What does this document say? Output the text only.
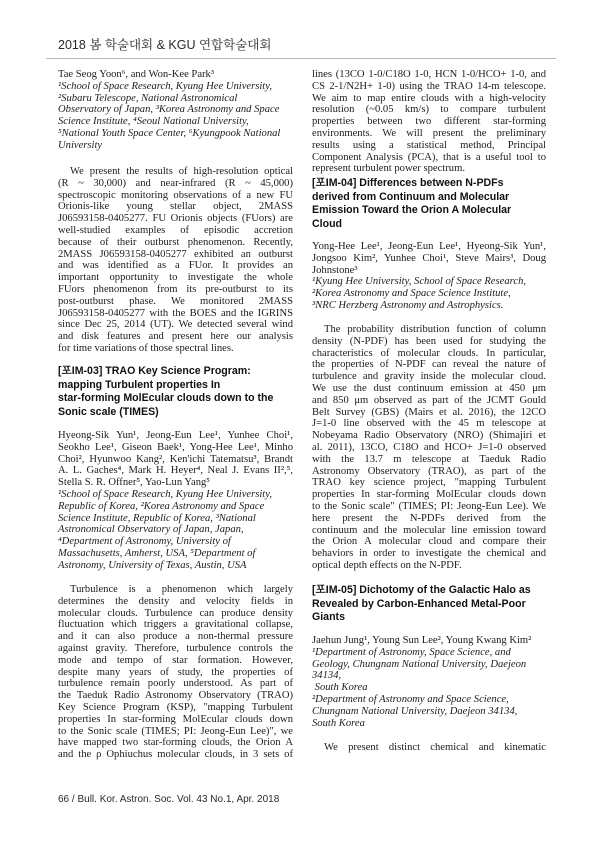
2018 봄 학술대회 & KGU 연합학술대회
Tae Seog Yoon⁶, and Won-Kee Park³
¹School of Space Research, Kyung Hee University,
²Subaru Telescope, National Astronomical
Observatory of Japan, ³Korea Astronomy and Space
Science Institute, ⁴Seoul National University,
⁵National Youth Space Center, ⁶Kyungpook National
University
We present the results of high-resolution optical
(R ~ 30,000) and near-infrared (R ~ 45,000)
spectroscopic monitoring observations of a new FU
Orionis-like young stellar object, 2MASS
J06593158-0405277. FU Orionis objects (FUors) are
well-studied examples of episodic accretion
because of their outburst phenomenon. Recently,
2MASS J06593158-0405277 exhibited an outburst
and was identified as a FUor. It provides an
important opportunity to investigate the whole
FUors phenomenon from its pre-outburst to its
post-outburst phase. We monitored 2MASS
J06593158-0405277 with the BOES and the IGRINS
since Dec 25, 2014 (UT). We detected several wind
and disk features and present here our analysis
for time variations of those spectral lines.
[포IM-03] TRAO Key Science Program:
mapping Turbulent properties In
star-forming MolEcular clouds down to the
Sonic scale (TIMES)
Hyeong-Sik Yun¹, Jeong-Eun Lee¹, Yunhee Choi¹,
Seokho Lee¹, Giseon Baek¹, Yong-Hee Lee¹, Minho
Choi², Hyunwoo Kang², Ken'ichi Tatematsu³, Brandt
A. L. Gaches⁴, Mark H. Heyer⁴, Neal J. Evans II²,⁵,
Stella S. R. Offner⁵, Yao-Lun Yang⁵
¹School of Space Research, Kyung Hee University,
Republic of Korea, ²Korea Astronomy and Space
Science Institute, Republic of Korea, ³National
Astronomical Observatory of Japan, Japan,
⁴Department of Astronomy, University of
Massachusetts, Amherst, USA, ⁵Department of
Astronomy, University of Texas, Austin, USA
Turbulence is a phenomenon which largely
determines the density and velocity fields in
molecular clouds. Turbulence can produce density
fluctuation which triggers a gravitational collapse,
and it can also produce a non-thermal pressure
against gravity. Therefore, turbulence controls the
mode and tempo of star formation. However,
despite many years of study, the properties of
turbulence remain poorly understood. As part of
the Taeduk Radio Astronomy Observatory (TRAO)
Key Science Program (KSP), "mapping Turbulent
properties In star-forming MolEcular clouds down
to the Sonic scale (TIMES; PI: Jeong-Eun Lee)", we
have mapped two star-forming clouds, the Orion A
and the ρ Ophiuchus molecular clouds, in 3 sets of
lines (13CO 1-0/C18O 1-0, HCN 1-0/HCO+ 1-0, and
CS 2-1/N2H+ 1-0) using the TRAO 14-m telescope.
We aim to map entire clouds with a high-velocity
resolution (~0.05 km/s) to compare turbulent
properties between two different star-forming
environments. We will present the preliminary
results using a statistical method, Principal
Component Analysis (PCA), that is a useful tool to
represent turbulent power spectrum.
[포IM-04] Differences between N-PDFs
derived from Continuum and Molecular
Emission Toward the Orion A Molecular
Cloud
Yong-Hee Lee¹, Jeong-Eun Lee¹, Hyeong-Sik Yun¹,
Jongsoo Kim², Yunhee Choi¹, Steve Mairs³, Doug
Johnstone³
¹Kyung Hee University, School of Space Research,
²Korea Astronomy and Space Science Institute,
³NRC Herzberg Astronomy and Astrophysics.
The probability distribution function of column
density (N-PDF) has been used for studying the
characteristics of molecular clouds. In particular,
the properties of N-PDF can reveal the nature of
turbulence and gravity inside the molecular cloud.
We use the dust continuum emission at 450 μm
and 850 μm observed as part of the JCMT Gould
Belt Survey (GBS) (Mairs et al. 2016), the 12CO
J=1-0 line observed with the 45 m telescope at
Nobeyama Radio Observatory (NRO) (Shimajiri et
al. 2011), 13CO, C18O and HCO+ J=1-0 observed
with the 13.7 m telescope at Taeduk Radio
Astronomy Observatory (TRAO), as part of the
TRAO key science project, "mapping Turbulent
properties In star-forming MolEcular clouds down
to the Sonic scale" (TIMES; PI: Jeong-Eun Lee). We
here present the N-PDFs derived from the
continuum and the molecular line emission toward
the Orion A molecular cloud and compare their
behaviors in order to investigate the chemical and
optical depth effects on the N-PDF.
[포IM-05] Dichotomy of the Galactic Halo as
Revealed by Carbon-Enhanced Metal-Poor
Giants
Jaehun Jung¹, Young Sun Lee², Young Kwang Kim²
¹Department of Astronomy, Space Science, and
Geology, Chungnam National University, Daejeon
34134,
South Korea
²Department of Astronomy and Space Science,
Chungnam National University, Daejeon 34134,
South Korea
We present distinct chemical and kinematic
66 / Bull. Kor. Astron. Soc. Vol. 43 No.1, Apr. 2018
